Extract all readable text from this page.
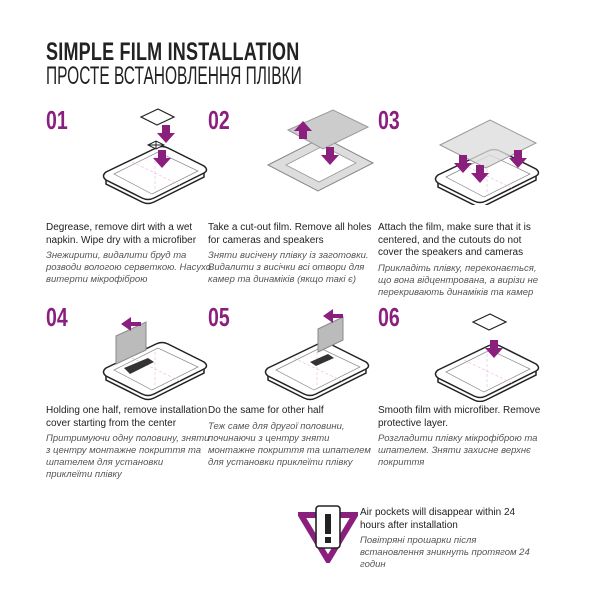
SIMPLE FILM INSTALLATION
ПРОСТЕ ВСТАНОВЛЕННЯ ПЛІВКИ
01
Degrease, remove dirt with a wet napkin. Wipe dry with a microfiber
Знежирити, видалити бруд та розводи вологою серветкою. Насухо витерти мікрофіброю
02
Take a cut-out film. Remove all holes for cameras and speakers
Зняти висічену плівку із заготовки. Видалити з висічки всі отвори для камер та динаміків (якщо такі є)
03
Attach the film, make sure that it is centered, and the cutouts do not cover the speakers and cameras
Прикладіть плівку, переконається, що вона відцентрована, а вирізи не перекривають динаміків та камер
04
Holding one half, remove installation cover starting from the center
Притримуючи одну половину, зняти з центру монтажне покриття та шпателем для установки приклеїти плівку
05
Do the same for other half
Теж саме для другої половини, починаючи з центру зняти монтажне покриття та шпателем для установки приклеїти плівку
06
Smooth film with microfiber. Remove protective layer.
Розгладити плівку мікрофіброю та шпателем. Зняти захисне верхнє покриття
Air pockets will disappear within 24 hours after installation
Повітряні прошарки після встановлення зникнуть протягом 24 годин
